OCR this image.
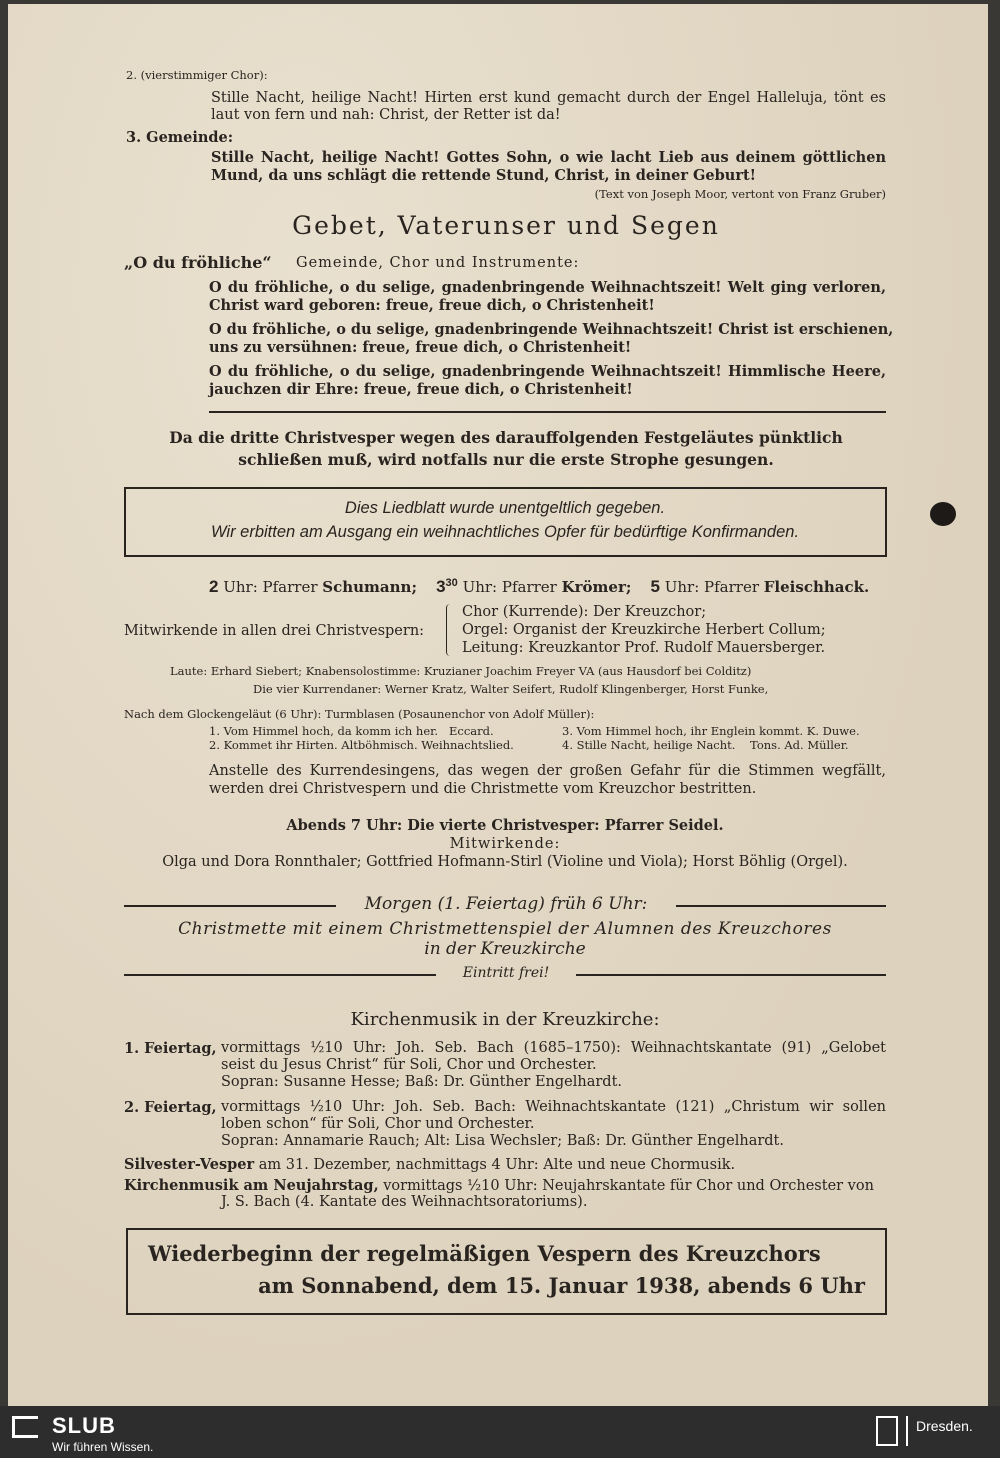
2. (vierstimmiger Chor):
Stille Nacht, heilige Nacht! Hirten erst kund gemacht durch der Engel Halleluja, tönt es
laut von fern und nah: Christ, der Retter ist da!
3. Gemeinde:
Stille Nacht, heilige Nacht! Gottes Sohn, o wie lacht Lieb aus deinem göttlichen
Mund, da uns schlägt die rettende Stund, Christ, in deiner Geburt!
(Text von Joseph Moor, vertont von Franz Gruber)
Gebet, Vaterunser und Segen
„O du fröhliche“ Gemeinde, Chor und Instrumente:
O du fröhliche, o du selige, gnadenbringende Weihnachtszeit! Welt ging verloren,
Christ ward geboren: freue, freue dich, o Christenheit!
O du fröhliche, o du selige, gnadenbringende Weihnachtszeit! Christ ist erschienen,
uns zu versühnen: freue, freue dich, o Christenheit!
O du fröhliche, o du selige, gnadenbringende Weihnachtszeit! Himmlische Heere,
jauchzen dir Ehre: freue, freue dich, o Christenheit!
Da die dritte Christvesper wegen des darauffolgenden Festgeläutes pünktlich
schließen muß, wird notfalls nur die erste Strophe gesungen.
Dies Liedblatt wurde unentgeltlich gegeben.
Wir erbitten am Ausgang ein weihnachtliches Opfer für bedürftige Konfirmanden.
2 Uhr: Pfarrer Schumann; $3^{30}$ Uhr: Pfarrer Krömer; 5 Uhr: Pfarrer Fleischhack.
Mitwirkende in allen drei Christvespern:
Chor (Kurrende): Der Kreuzchor;
Orgel: Organist der Kreuzkirche Herbert Collum;
Leitung: Kreuzkantor Prof. Rudolf Mauersberger.
Laute: Erhard Siebert; Knabensolostimme: Kruzianer Joachim Freyer VA (aus Hausdorf bei Colditz)
Die vier Kurrendaner: Werner Kratz, Walter Seifert, Rudolf Klingenberger, Horst Funke,
Nach dem Glockengeläut (6 Uhr): Turmblasen (Posaunenchor von Adolf Müller):
1. Vom Himmel hoch, da komm ich her.   Eccard.	3. Vom Himmel hoch, ihr Englein kommt. K. Duwe.
2. Kommet ihr Hirten. Altböhmisch. Weihnachtslied.	4. Stille Nacht, heilige Nacht.    Tons. Ad. Müller.
Anstelle des Kurrendesingens, das wegen der großen Gefahr für die Stimmen wegfällt,
werden drei Christvespern und die Christmette vom Kreuzchor bestritten.
Abends 7 Uhr: Die vierte Christvesper: Pfarrer Seidel.
Mitwirkende:
Olga und Dora Ronnthaler; Gottfried Hofmann-Stirl (Violine und Viola); Horst Böhlig (Orgel).
Morgen (1. Feiertag) früh 6 Uhr:
Christmette mit einem Christmettenspiel der Alumnen des Kreuzchores
in der Kreuzkirche
Eintritt frei!
Kirchenmusik in der Kreuzkirche:
1. Feiertag, vormittags ½10 Uhr: Joh. Seb. Bach (1685–1750): Weihnachtskantate (91) „Gelobet
seist du Jesus Christ“ für Soli, Chor und Orchester.
Sopran: Susanne Hesse; Baß: Dr. Günther Engelhardt.
2. Feiertag, vormittags ½10 Uhr: Joh. Seb. Bach: Weihnachtskantate (121) „Christum wir sollen
loben schon“ für Soli, Chor und Orchester.
Sopran: Annamarie Rauch; Alt: Lisa Wechsler; Baß: Dr. Günther Engelhardt.
Silvester-Vesper am 31. Dezember, nachmittags 4 Uhr: Alte und neue Chormusik.
Kirchenmusik am Neujahrstag, vormittags ½10 Uhr: Neujahrskantate für Chor und Orchester von
J. S. Bach (4. Kantate des Weihnachtsoratoriums).
Wiederbeginn der regelmäßigen Vespern des Kreuzchors
am Sonnabend, dem 15. Januar 1938, abends 6 Uhr
SLUB
Wir führen Wissen.
Dresden.
